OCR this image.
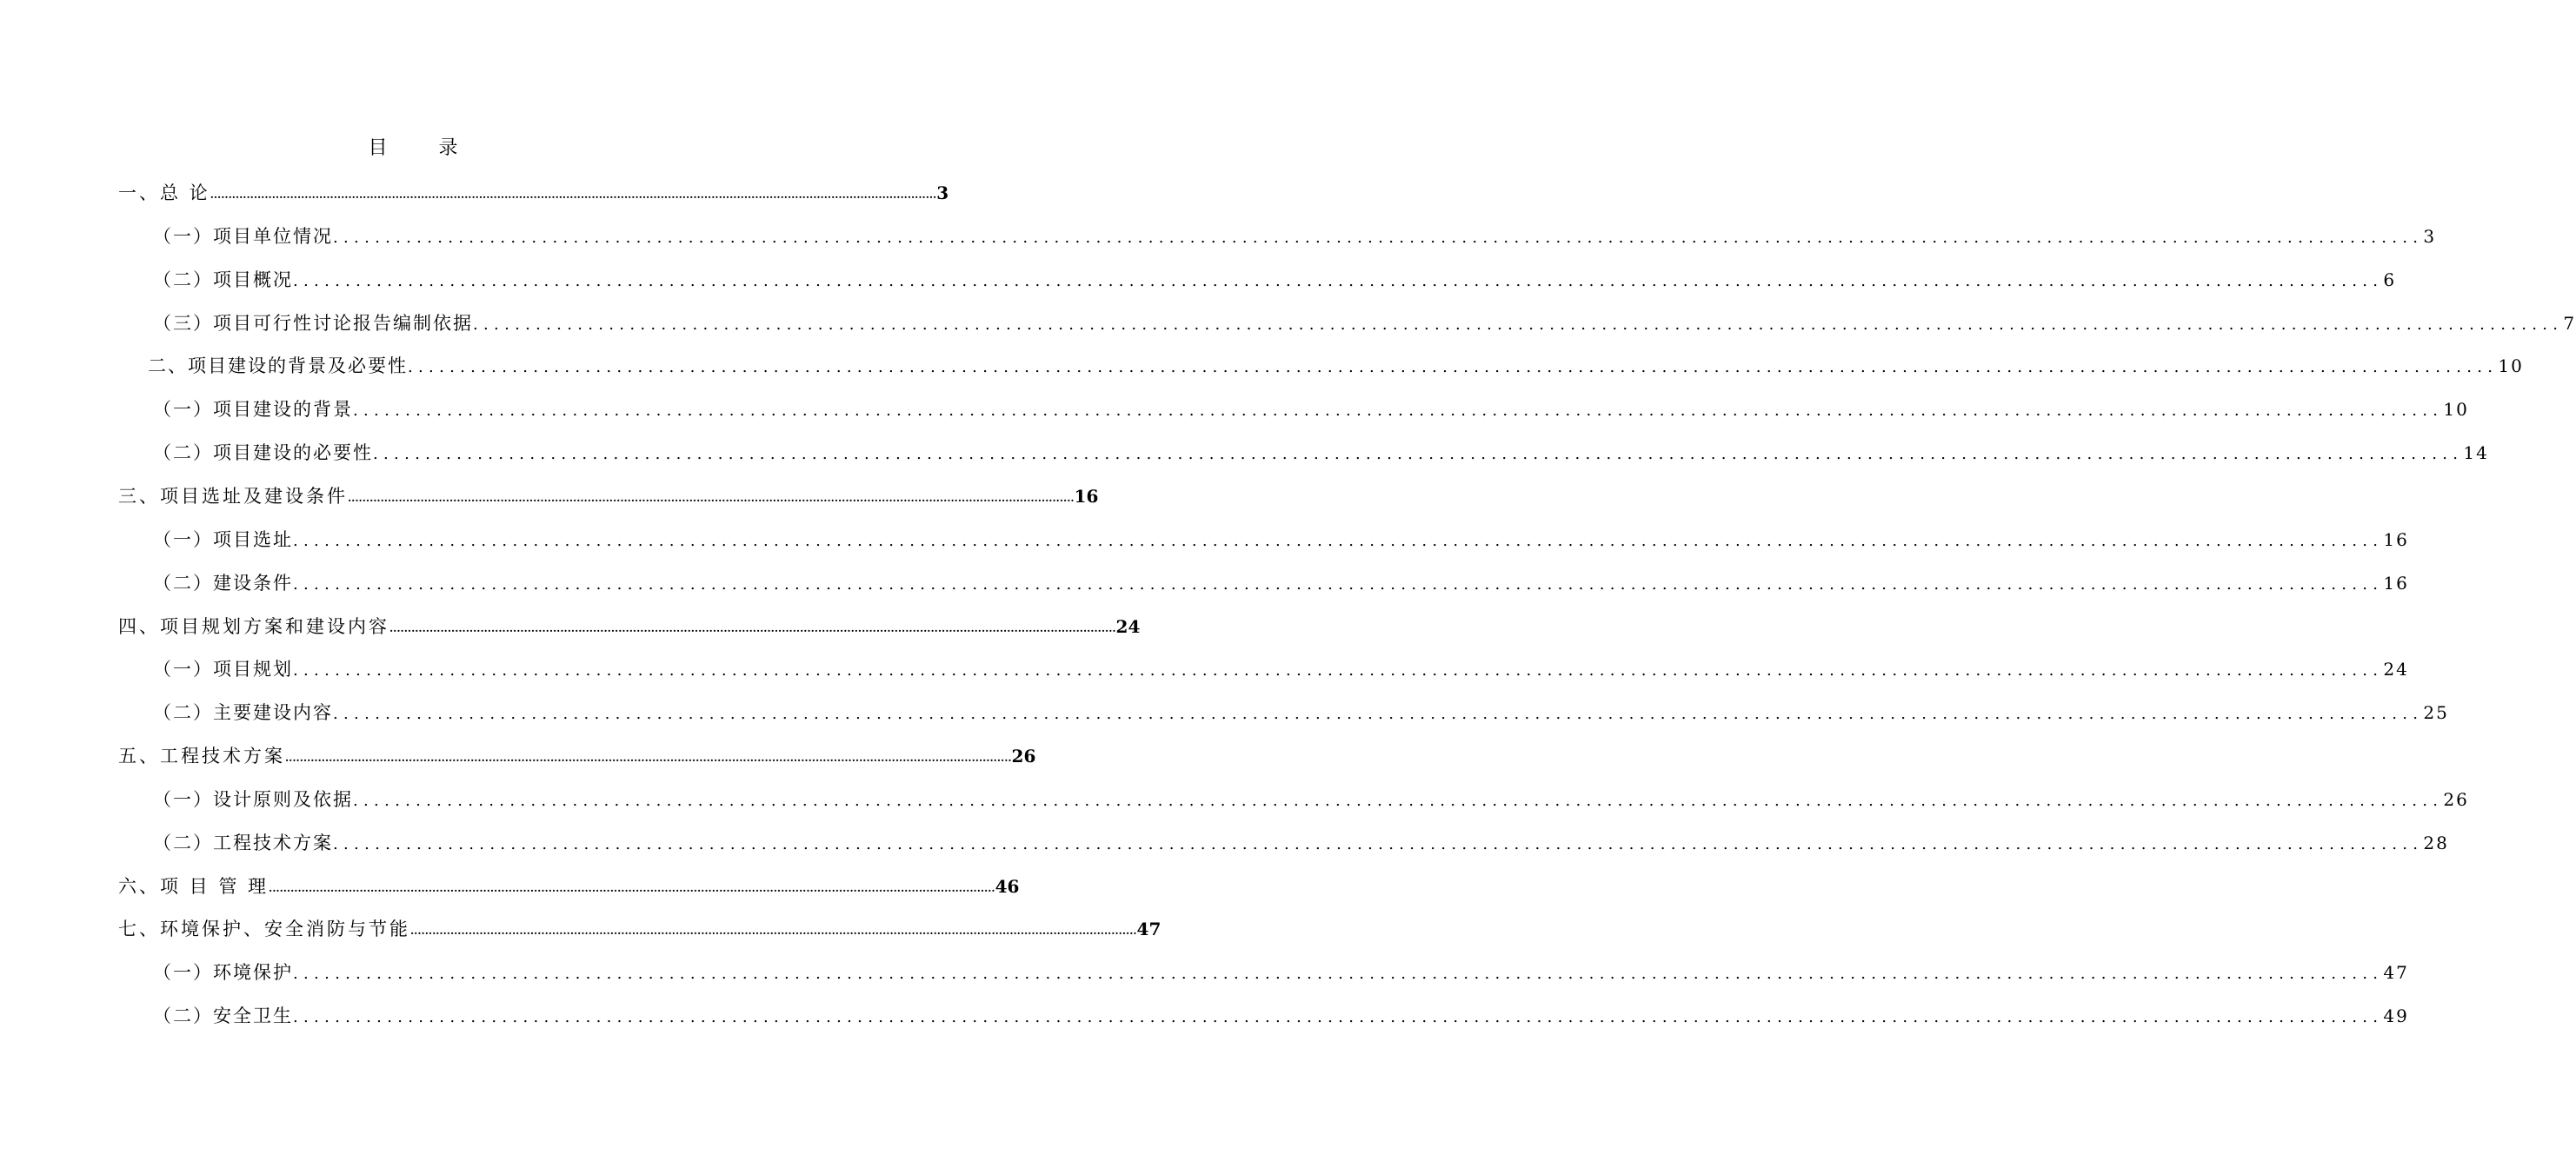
目 录
一、总 论 ........................................................................................................................................................................................................ 3
（一）项目单位情况 ........................................................................................................................................................................................................ 3
（二）项目概况 ........................................................................................................................................................................................................ 6
（三）项目可行性讨论报告编制依据 ........................................................................................................................................................................................................ 7
二、项目建设的背景及必要性 ........................................................................................................................................................................................................ 10
（一）项目建设的背景 ........................................................................................................................................................................................................ 10
（二）项目建设的必要性 ........................................................................................................................................................................................................ 14
三、项目选址及建设条件 ........................................................................................................................................................................................................ 16
（一）项目选址 ........................................................................................................................................................................................................ 16
（二）建设条件 ........................................................................................................................................................................................................ 16
四、项目规划方案和建设内容 ........................................................................................................................................................................................................ 24
（一）项目规划 ........................................................................................................................................................................................................ 24
（二）主要建设内容 ........................................................................................................................................................................................................ 25
五、工程技术方案 ........................................................................................................................................................................................................ 26
（一）设计原则及依据 ........................................................................................................................................................................................................ 26
（二）工程技术方案 ........................................................................................................................................................................................................ 28
六、项 目 管 理 ........................................................................................................................................................................................................ 46
七、环境保护、安全消防与节能 ........................................................................................................................................................................................................ 47
（一）环境保护 ........................................................................................................................................................................................................ 47
（二）安全卫生 ........................................................................................................................................................................................................ 49
